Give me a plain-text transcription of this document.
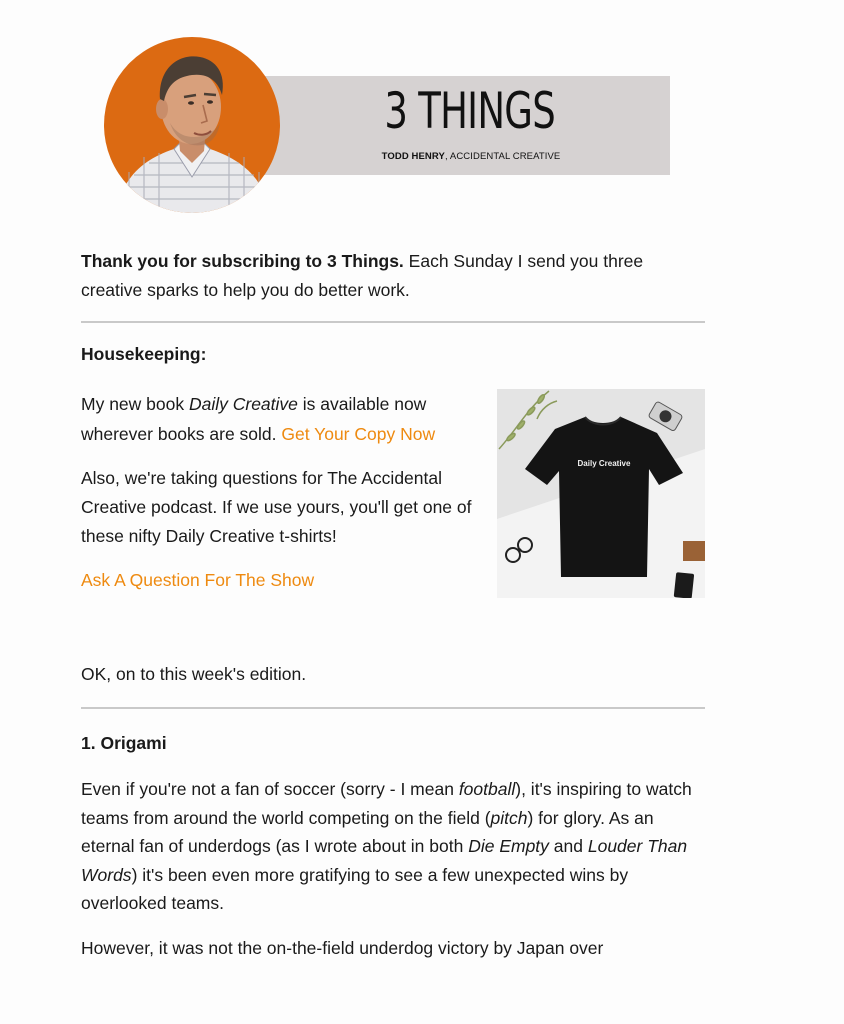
3 THINGS
TODD HENRY, ACCIDENTAL CREATIVE

Thank you for subscribing to 3 Things. Each Sunday I send you three creative sparks to help you do better work.

Housekeeping:

My new book Daily Creative is available now wherever books are sold. Get Your Copy Now

Also, we're taking questions for The Accidental Creative podcast. If we use yours, you'll get one of these nifty Daily Creative t-shirts!

Ask A Question For The Show

OK, on to this week's edition.

1. Origami

Even if you're not a fan of soccer (sorry - I mean football), it's inspiring to watch teams from around the world competing on the field (pitch) for glory. As an eternal fan of underdogs (as I wrote about in both Die Empty and Louder Than Words) it's been even more gratifying to see a few unexpected wins by overlooked teams.

However, it was not the on-the-field underdog victory by Japan over

Daily Creative
